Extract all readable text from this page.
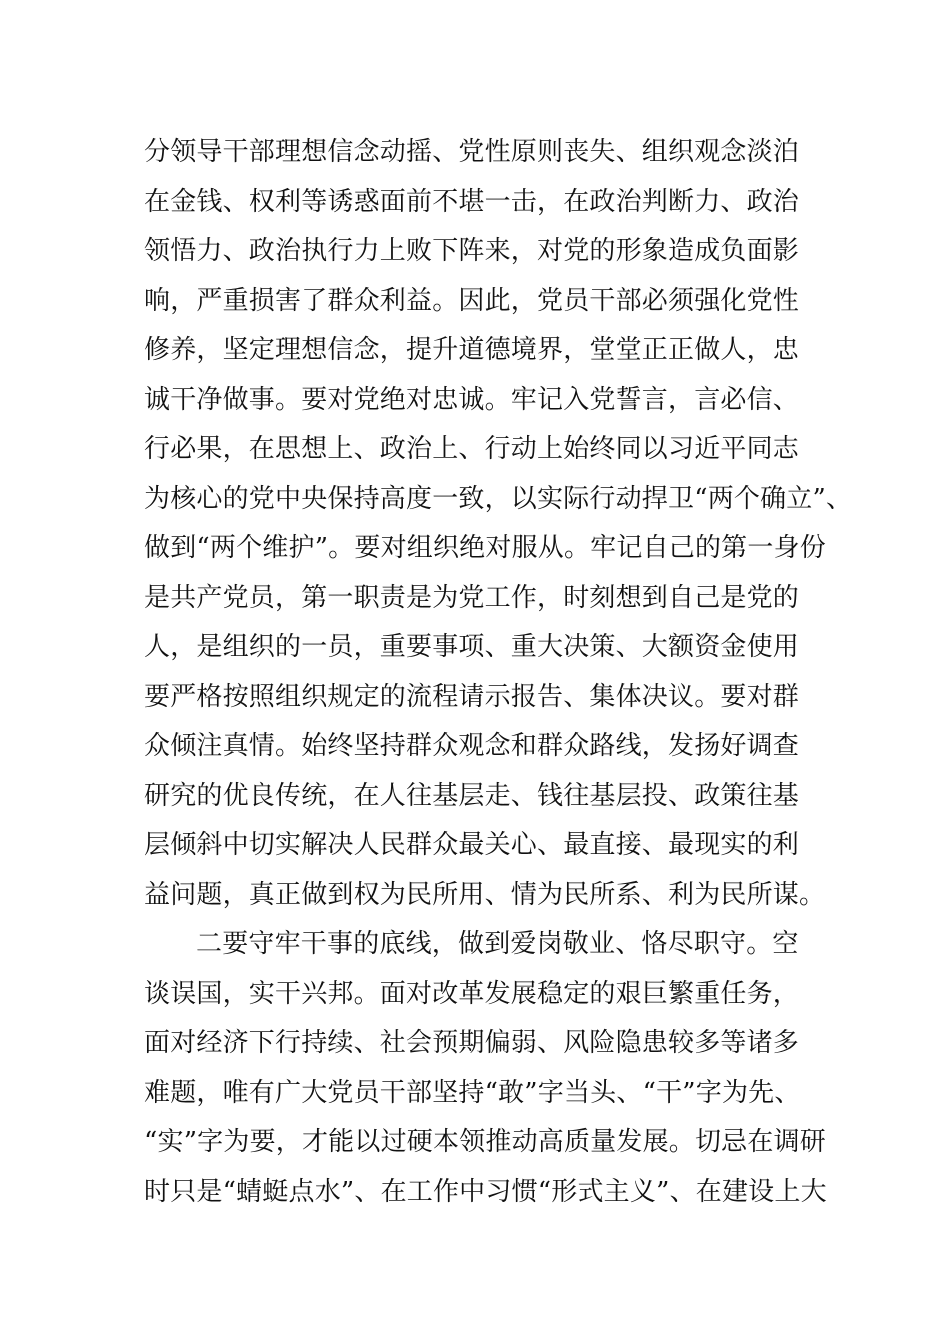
分领导干部理想信念动摇、党性原则丧失、组织观念淡泊
在金钱、权利等诱惑面前不堪一击，在政治判断力、政治
领悟力、政治执行力上败下阵来，对党的形象造成负面影
响，严重损害了群众利益。因此，党员干部必须强化党性
修养，坚定理想信念，提升道德境界，堂堂正正做人，忠
诚干净做事。要对党绝对忠诚。牢记入党誓言，言必信、
行必果，在思想上、政治上、行动上始终同以习近平同志
为核心的党中央保持高度一致，以实际行动捍卫“两个确立”、
做到“两个维护”。要对组织绝对服从。牢记自己的第一身份
是共产党员，第一职责是为党工作，时刻想到自己是党的
人，是组织的一员，重要事项、重大决策、大额资金使用
要严格按照组织规定的流程请示报告、集体决议。要对群
众倾注真情。始终坚持群众观念和群众路线，发扬好调查
研究的优良传统，在人往基层走、钱往基层投、政策往基
层倾斜中切实解决人民群众最关心、最直接、最现实的利
益问题，真正做到权为民所用、情为民所系、利为民所谋。
二要守牢干事的底线，做到爱岗敬业、恪尽职守。空
谈误国，实干兴邦。面对改革发展稳定的艰巨繁重任务，
面对经济下行持续、社会预期偏弱、风险隐患较多等诸多
难题，唯有广大党员干部坚持“敢”字当头、“干”字为先、
“实”字为要，才能以过硬本领推动高质量发展。切忌在调研
时只是“蜻蜓点水”、在工作中习惯“形式主义”、在建设上大
